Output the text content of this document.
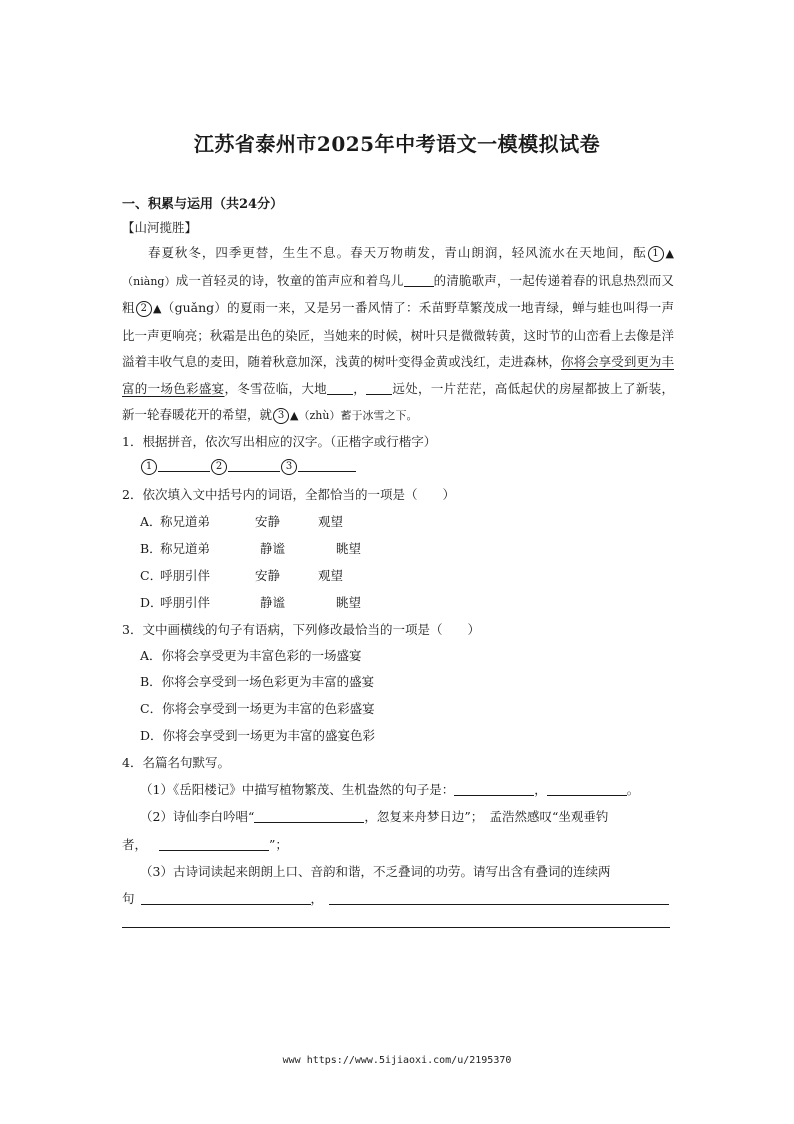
江苏省泰州市2025年中考语文一模模拟试卷
一、积累与运用（共24分）
【山河揽胜】
春夏秋冬，四季更替，生生不息。春天万物萌发，青山朗润，轻风流水在天地间，酝 1 ▲（niàng）成一首轻灵的诗，牧童的笛声应和着鸟儿 的清脆歌声，一起传递着春的讯息热烈而又粗 2 ▲（guǎng）的夏雨一来，又是另一番风情了：禾苗野草繁茂成一地青绿，蝉与蛙也叫得一声比一声更响亮；秋霜是出色的染匠，当她来的时候，树叶只是微微转黄，这时节的山峦看上去像是洋溢着丰收气息的麦田，随着秋意加深，浅黄的树叶变得金黄或浅红，走进森林，你将会享受到更为丰富的一场色彩盛宴，冬雪莅临，大地 ， 远处，一片茫茫，高低起伏的房屋都披上了新装，新一轮春暖花开的希望，就 3 ▲（zhù）蓄于冰雪之下。
1．根据拼音，依次写出相应的汉字。（正楷字或行楷字）
1	2	3
2．依次填入文中括号内的词语，全都恰当的一项是（　　）
A．称兄道弟	安静	观望
B．称兄道弟	静谧	眺望
C．呼朋引伴	安静	观望
D．呼朋引伴	静谧	眺望
3．文中画横线的句子有语病，下列修改最恰当的一项是（　　）
A．你将会享受更为丰富色彩的一场盛宴
B．你将会享受到一场色彩更为丰富的盛宴
C．你将会享受到一场更为丰富的色彩盛宴
D．你将会享受到一场更为丰富的盛宴色彩
4．名篇名句默写。
（1）《岳阳楼记》中描写植物繁茂、生机盎然的句子是：	，	。
（2）诗仙李白吟唱“	，忽复来舟梦日边”；　孟浩然感叹“坐观垂钓
者，	”；
（3）古诗词读起来朗朗上口、音韵和谐，不乏叠词的功劳。请写出含有叠词的连续两
句	，
www https://www.5ijiaoxi.com/u/2195370
